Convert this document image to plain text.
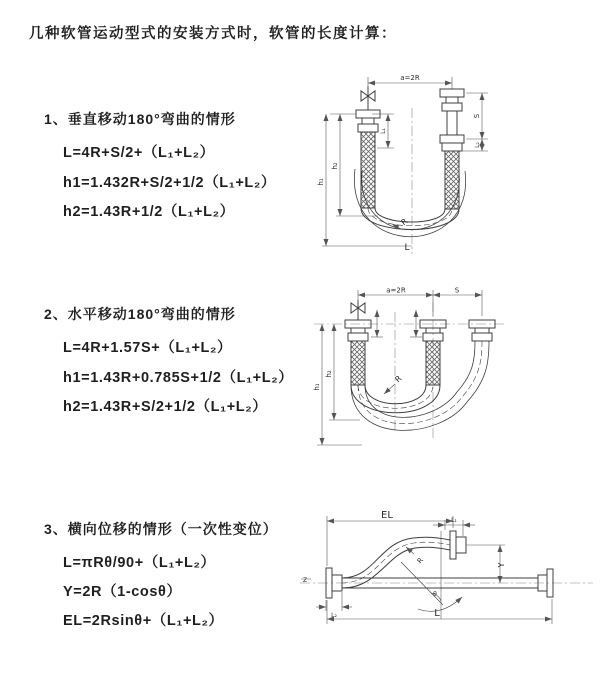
几种软管运动型式的安装方式时，软管的长度计算：
1、垂直移动180°弯曲的情形
L=4R+S/2+（L₁+L₂）
h1=1.432R+S/2+1/2（L₁+L₂）
h2=1.43R+1/2（L₁+L₂）
2、水平移动180°弯曲的情形
L=4R+1.57S+（L₁+L₂）
h1=1.43R+0.785S+1/2（L₁+L₂）
h2=1.43R+S/2+1/2（L₁+L₂）
3、横向位移的情形（一次性变位）
L=πRθ/90+（L₁+L₂）
Y=2R（1-cosθ）
EL=2Rsinθ+（L₁+L₂）
a=2R
h₁
h₂
L₁
S
L₂
R
L
a=2R	S
h₁
h₂	R
EL	L₁
Y
R
θ
L
L₂
Z
